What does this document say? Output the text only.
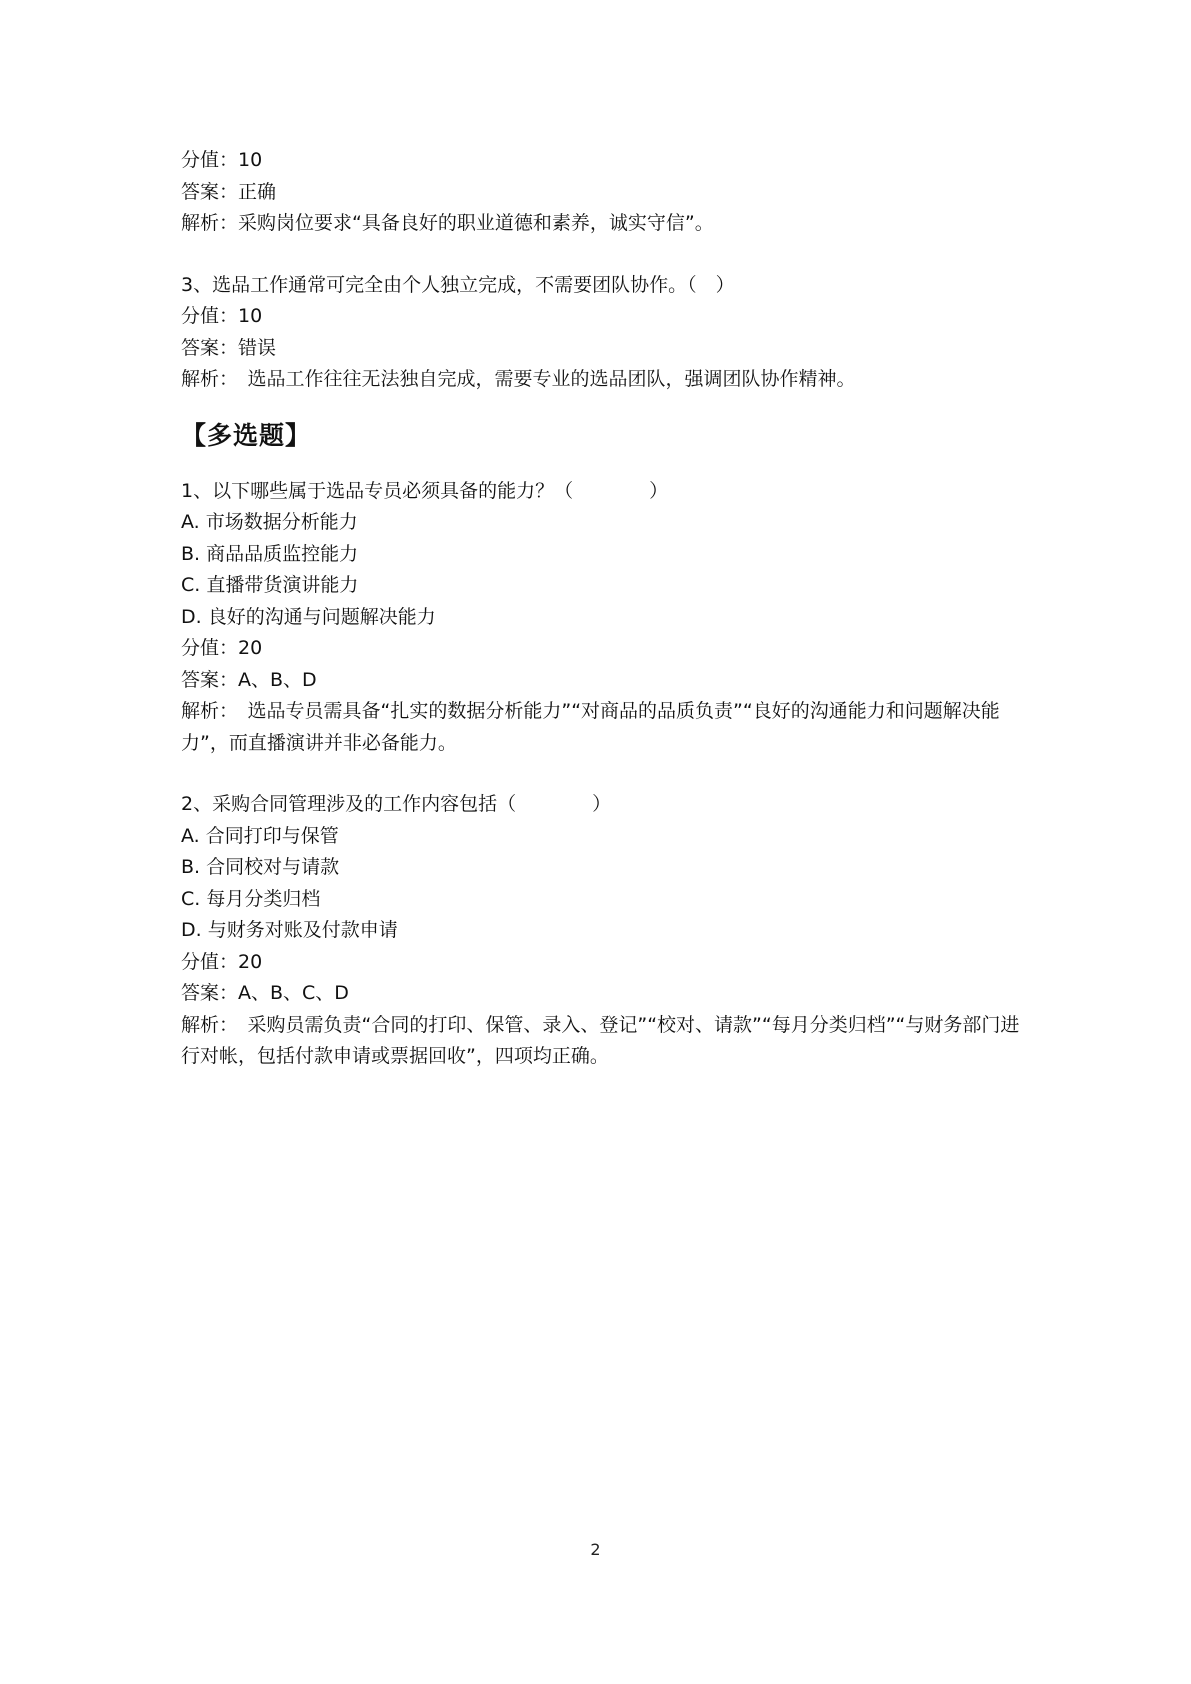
分值：10
答案：正确
解析：采购岗位要求“具备良好的职业道德和素养，诚实守信”。
3、选品工作通常可完全由个人独立完成，不需要团队协作。（　）
分值：10
答案：错误
解析：　选品工作往往无法独自完成，需要专业的选品团队，强调团队协作精神。
【多选题】
1、以下哪些属于选品专员必须具备的能力？（　　　　）
A. 市场数据分析能力
B. 商品品质监控能力
C. 直播带货演讲能力
D. 良好的沟通与问题解决能力
分值：20
答案：A、B、D
解析：　选品专员需具备“扎实的数据分析能力”“对商品的品质负责”“良好的沟通能力和问题解决能力”，而直播演讲并非必备能力。
2、采购合同管理涉及的工作内容包括（　　　　）
A. 合同打印与保管
B. 合同校对与请款
C. 每月分类归档
D. 与财务对账及付款申请
分值：20
答案：A、B、C、D
解析：　采购员需负责“合同的打印、保管、录入、登记”“校对、请款”“每月分类归档”“与财务部门进行对帐，包括付款申请或票据回收”，四项均正确。
2
